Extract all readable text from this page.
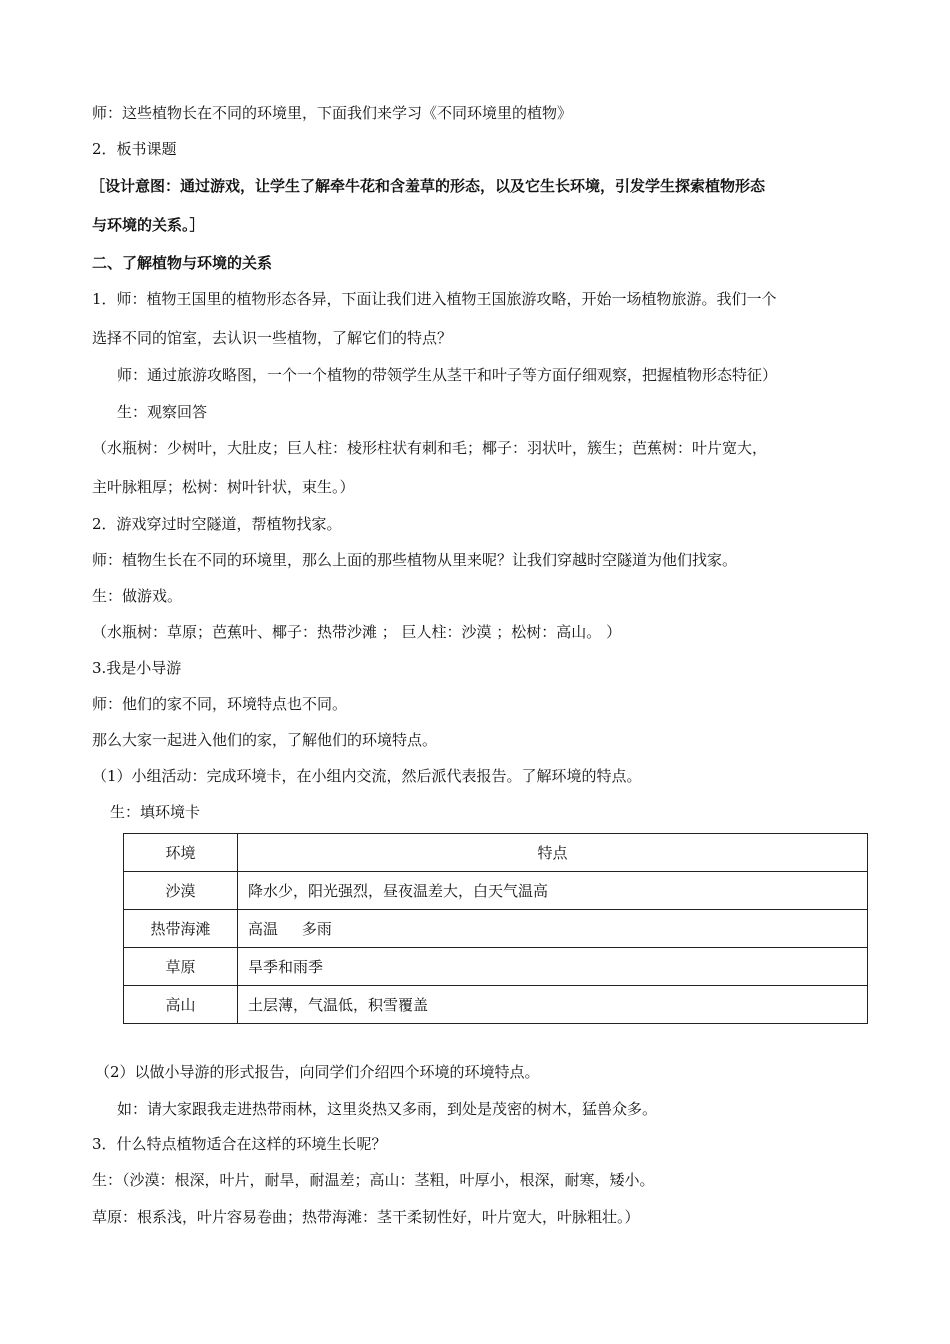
师：这些植物长在不同的环境里，下面我们来学习《不同环境里的植物》
2．板书课题
［设计意图：通过游戏，让学生了解牵牛花和含羞草的形态，以及它生长环境，引发学生探索植物形态
与环境的关系。］
二、了解植物与环境的关系
1．师：植物王国里的植物形态各异，下面让我们进入植物王国旅游攻略，开始一场植物旅游。我们一个
选择不同的馆室，去认识一些植物，了解它们的特点？
师：通过旅游攻略图，一个一个植物的带领学生从茎干和叶子等方面仔细观察，把握植物形态特征）
生：观察回答
（水瓶树：少树叶，大肚皮；巨人柱：棱形柱状有刺和毛；椰子：羽状叶，簇生；芭蕉树：叶片宽大，
主叶脉粗厚；松树：树叶针状，束生。）
2．游戏穿过时空隧道，帮植物找家。
师：植物生长在不同的环境里，那么上面的那些植物从里来呢？让我们穿越时空隧道为他们找家。
生：做游戏。
（水瓶树：草原；芭蕉叶、椰子：热带沙滩 ； 巨人柱：沙漠 ；松树：高山。 ）
3.我是小导游
师：他们的家不同，环境特点也不同。
那么大家一起进入他们的家，了解他们的环境特点。
（1）小组活动：完成环境卡，在小组内交流，然后派代表报告。了解环境的特点。
生：填环境卡
环境	特点
沙漠	降水少，阳光强烈，昼夜温差大，白天气温高
热带海滩	高温     多雨
草原	旱季和雨季
高山	土层薄，气温低，积雪覆盖
（2）以做小导游的形式报告，向同学们介绍四个环境的环境特点。
如：请大家跟我走进热带雨林，这里炎热又多雨，到处是茂密的树木，猛兽众多。
3．什么特点植物适合在这样的环境生长呢？
生：（沙漠：根深，叶片，耐旱，耐温差；高山：茎粗，叶厚小，根深，耐寒，矮小。
草原：根系浅，叶片容易卷曲；热带海滩：茎干柔韧性好，叶片宽大，叶脉粗壮。）
